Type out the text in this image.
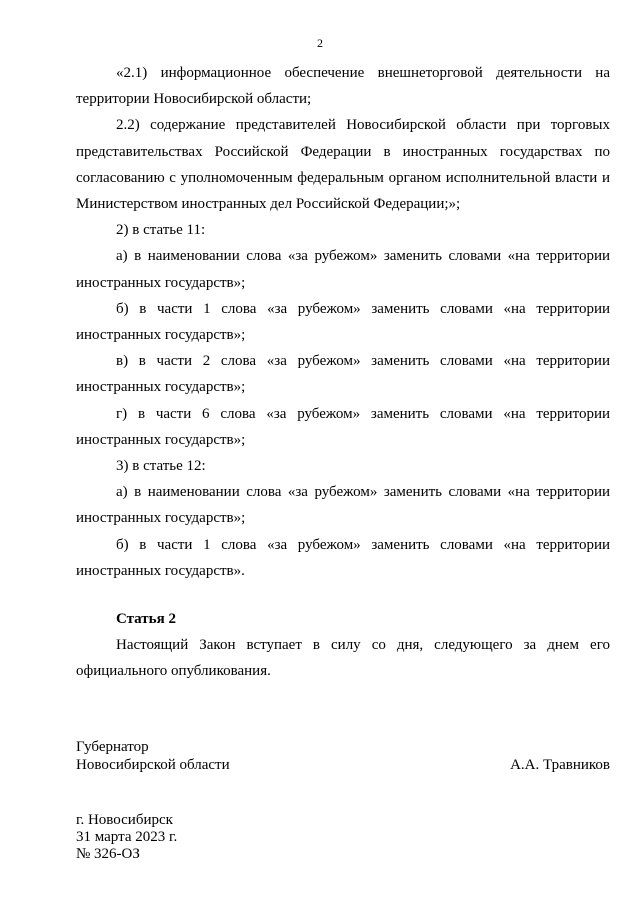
2

«2.1) информационное обеспечение внешнеторговой деятельности на территории Новосибирской области;

2.2) содержание представителей Новосибирской области при торговых представительствах Российской Федерации в иностранных государствах по согласованию с уполномоченным федеральным органом исполнительной власти и Министерством иностранных дел Российской Федерации;»;

2) в статье 11:

а) в наименовании слова «за рубежом» заменить словами «на территории иностранных государств»;

б) в части 1 слова «за рубежом» заменить словами «на территории иностранных государств»;

в) в части 2 слова «за рубежом» заменить словами «на территории иностранных государств»;

г) в части 6 слова «за рубежом» заменить словами «на территории иностранных государств»;

3) в статье 12:

а) в наименовании слова «за рубежом» заменить словами «на территории иностранных государств»;

б) в части 1 слова «за рубежом» заменить словами «на территории иностранных государств».

Статья 2

Настоящий Закон вступает в силу со дня, следующего за днем его официального опубликования.

Губернатор
Новосибирской области	А.А. Травников
г. Новосибирск
31 марта 2023 г.
№ 326-ОЗ
